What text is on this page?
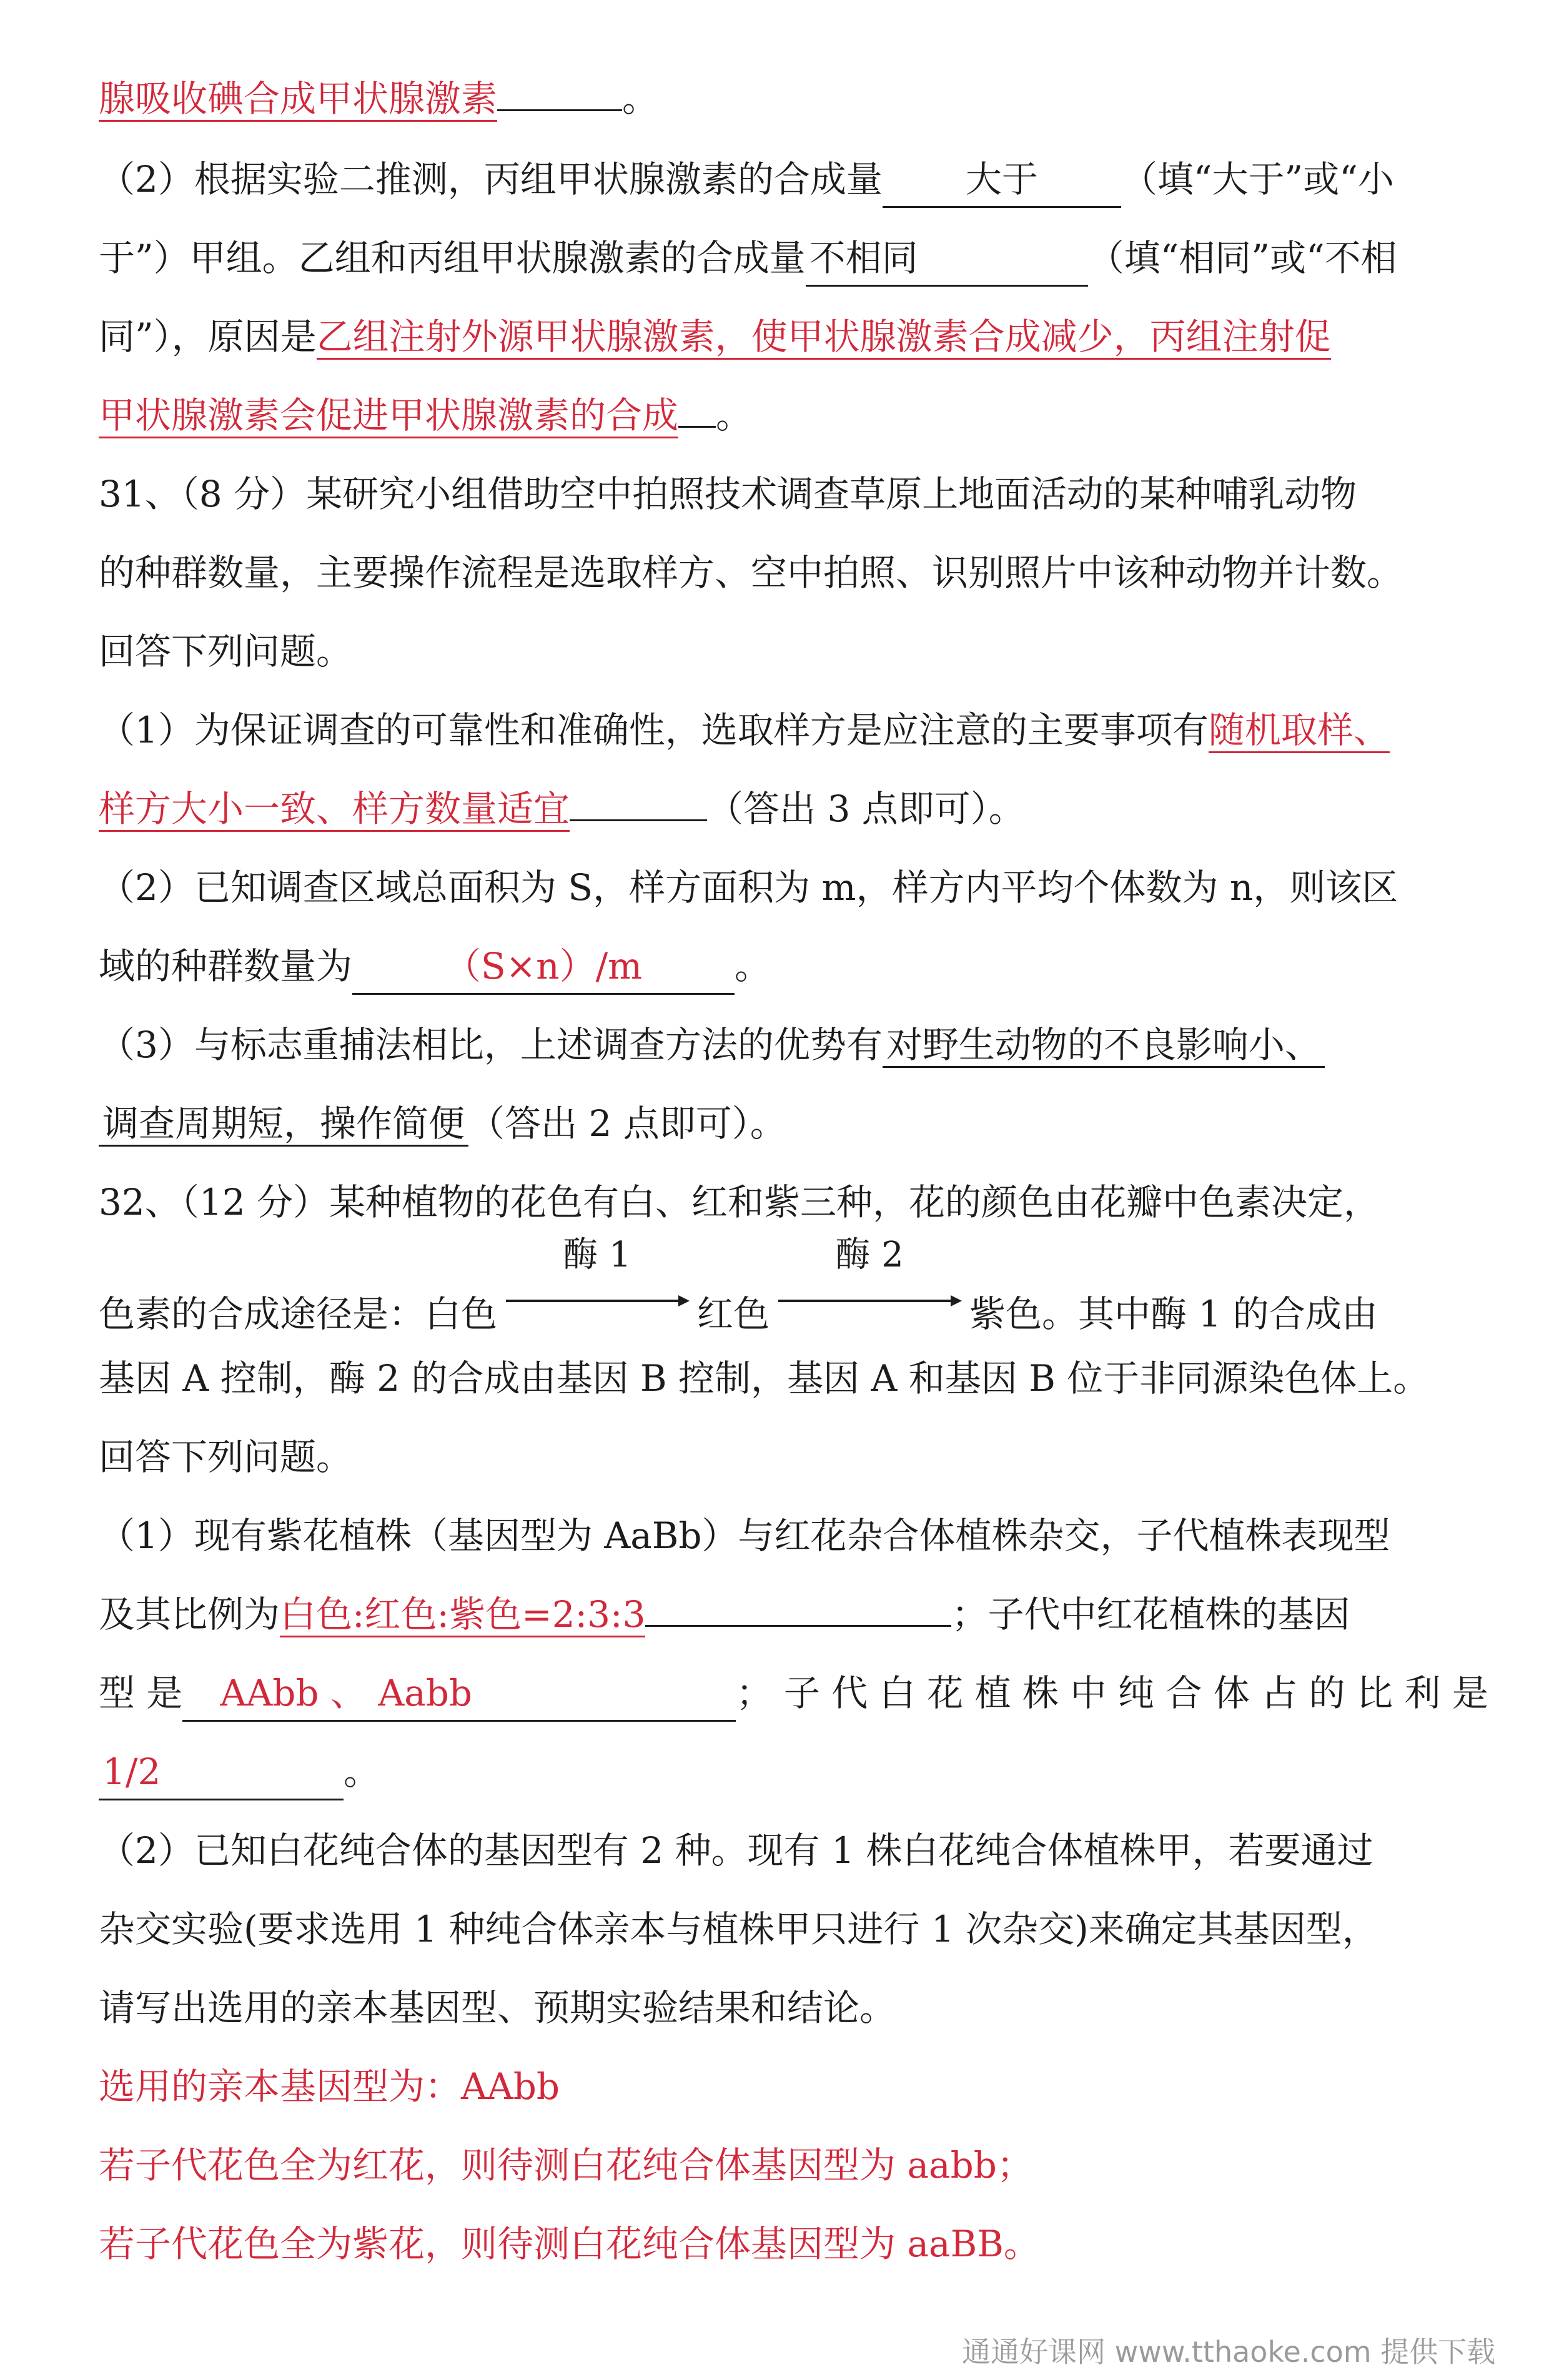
腺吸收碘合成甲状腺激素	。
（2）根据实验二推测，丙组甲状腺激素的合成量 大于 （填“大于”或“小
于”）甲组。乙组和丙组甲状腺激素的合成量 不相同	（填“相同”或“不相
同”），原因是乙组注射外源甲状腺激素，使甲状腺激素合成减少，丙组注射促
甲状腺激素会促进甲状腺激素的合成 。
31、（8 分）某研究小组借助空中拍照技术调查草原上地面活动的某种哺乳动物
的种群数量，主要操作流程是选取样方、空中拍照、识别照片中该种动物并计数。
回答下列问题。
（1）为保证调查的可靠性和准确性，选取样方是应注意的主要事项有随机取样、
样方大小一致、样方数量适宜	（答出 3 点即可）。
（2）已知调查区域总面积为 S，样方面积为 m，样方内平均个体数为 n，则该区
域的种群数量为	（S×n）/m	。
（3）与标志重捕法相比，上述调查方法的优势有 对野生动物的不良影响小、
调查周期短，操作简便 （答出 2 点即可）。
32、（12 分）某种植物的花色有白、红和紫三种，花的颜色由花瓣中色素决定，
色素的合成途径是：白色
酶 1
红色
酶 2
紫色。其中酶 1 的合成由
基因 A 控制，酶 2 的合成由基因 B 控制，基因 A 和基因 B 位于非同源染色体上。
回答下列问题。
（1）现有紫花植株（基因型为 AaBb）与红花杂合体植株杂交，子代植株表现型
及其比例为白色:红色:紫色=2:3:3	；子代中红花植株的基因
型 是 AAbb 、 Aabb	； 子 代 白 花 植 株 中 纯 合 体 占 的 比 利 是
1/2	。
（2）已知白花纯合体的基因型有 2 种。现有 1 株白花纯合体植株甲，若要通过
杂交实验(要求选用 1 种纯合体亲本与植株甲只进行 1 次杂交)来确定其基因型，
请写出选用的亲本基因型、预期实验结果和结论。
选用的亲本基因型为：AAbb
若子代花色全为红花，则待测白花纯合体基因型为 aabb；
若子代花色全为紫花，则待测白花纯合体基因型为 aaBB。
通通好课网 www.tthaoke.com 提供下载
